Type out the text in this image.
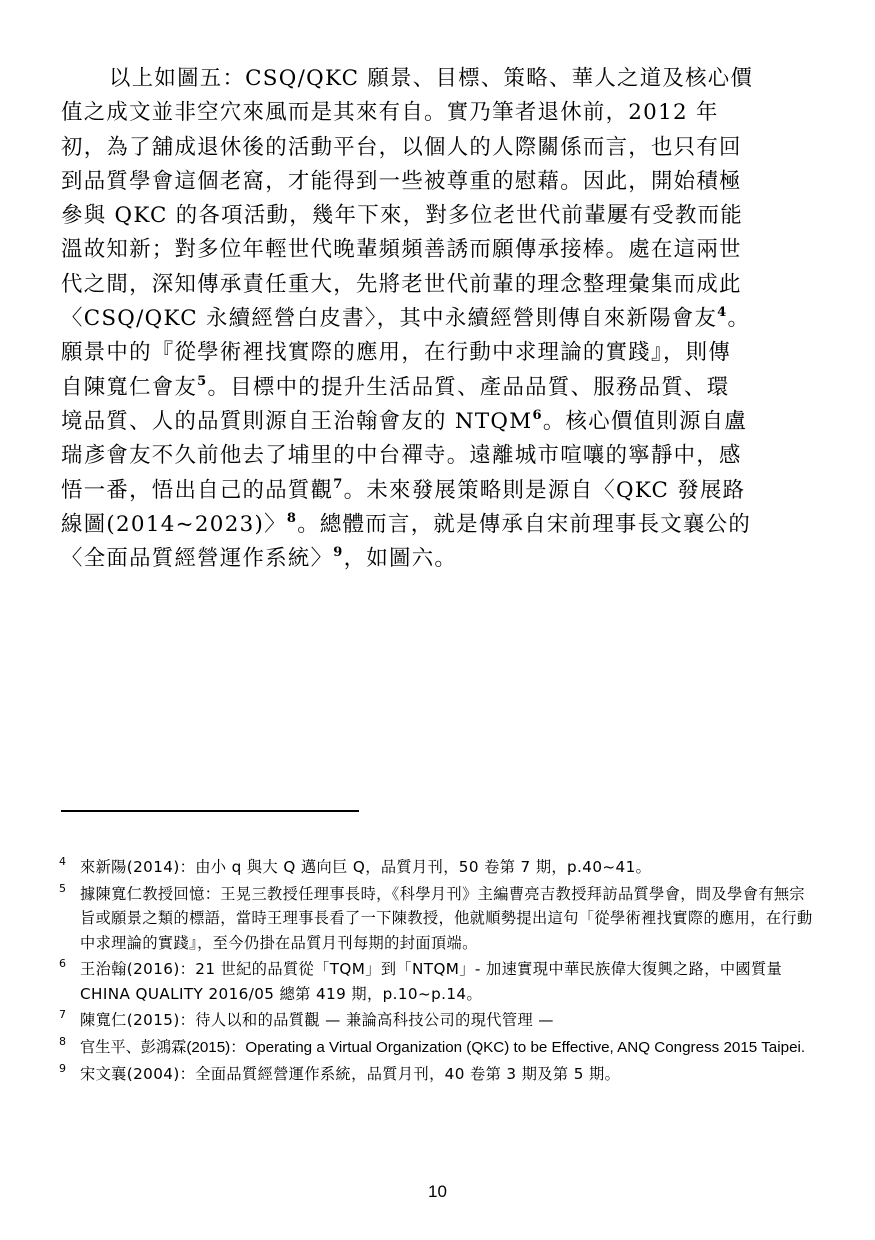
以上如圖五：CSQ/QKC 願景、目標、策略、華人之道及核心價
值之成文並非空穴來風而是其來有自。實乃筆者退休前，2012 年
初，為了舖成退休後的活動平台，以個人的人際關係而言，也只有回
到品質學會這個老窩，才能得到一些被尊重的慰藉。因此，開始積極
參與 QKC 的各項活動，幾年下來，對多位老世代前輩屢有受教而能
溫故知新；對多位年輕世代晚輩頻頻善誘而願傳承接棒。處在這兩世
代之間，深知傳承責任重大，先將老世代前輩的理念整理彙集而成此
〈CSQ/QKC 永續經營白皮書〉，其中永續經營則傳自來新陽會友$^4$。
願景中的『從學術裡找實際的應用，在行動中求理論的實踐』，則傳
自陳寬仁會友$^5$。目標中的提升生活品質、產品品質、服務品質、環
境品質、人的品質則源自王治翰會友的 NTQM$^6$。核心價值則源自盧
瑞彥會友不久前他去了埔里的中台禪寺。遠離城市喧嚷的寧靜中，感
悟一番，悟出自己的品質觀$^7$。未來發展策略則是源自〈QKC 發展路
線圖(2014~2023)〉$^8$。總體而言，就是傳承自宋前理事長文襄公的
〈全面品質經營運作系統〉$^9$，如圖六。
4 來新陽(2014)：由小 q 與大 Q 邁向巨 Q，品質月刊，50 卷第 7 期，p.40~41。
5 據陳寬仁教授回憶：王晃三教授任理事長時，《科學月刊》主編曹亮吉教授拜訪品質學會，問及學會有無宗旨或願景之類的標語，當時王理事長看了一下陳教授，他就順勢提出這句「從學術裡找實際的應用，在行動中求理論的實踐』，至今仍掛在品質月刊每期的封面頂端。
6 王治翰(2016)：21 世紀的品質從「TQM」到「NTQM」- 加速實現中華民族偉大復興之路，中國質量 CHINA QUALITY 2016/05 總第 419 期，p.10~p.14。
7 陳寬仁(2015)：待人以和的品質觀 — 兼論高科技公司的現代管理 —
8 官生平、彭鴻霖(2015)：Operating a Virtual Organization (QKC) to be Effective, ANQ Congress 2015 Taipei.
9 宋文襄(2004)：全面品質經營運作系統，品質月刊，40 卷第 3 期及第 5 期。
10
